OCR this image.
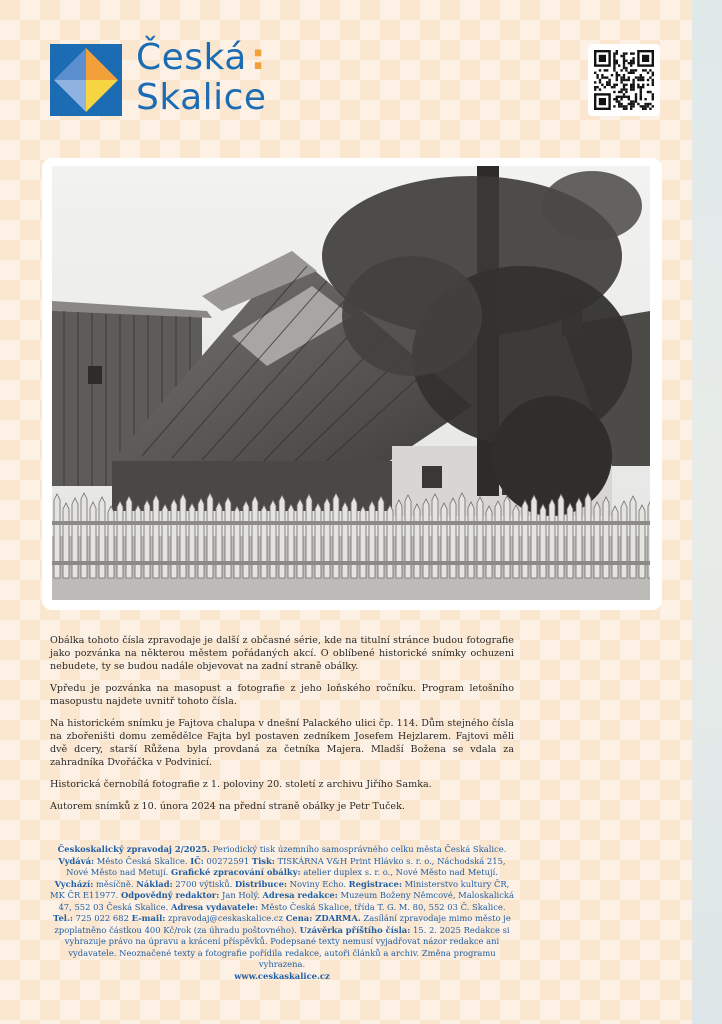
Česká :
Skalice

Obálka tohoto čísla zpravodaje je další z občasné série, kde na titulní stránce budou fotografie jako pozvánka na některou městem pořádaných akcí. O oblíbené historické snímky ochuzeni nebudete, ty se budou nadále objevovat na zadní straně obálky.

Vpředu je pozvánka na masopust a fotografie z jeho loňského ročníku. Program letošního masopustu najdete uvnitř tohoto čísla.

Na historickém snímku je Fajtova chalupa v dnešní Palackého ulici čp. 114. Dům stejného čísla na zbořeništi domu zemědělce Fajta byl postaven zedníkem Josefem Hejzlarem. Fajtovi měli dvě dcery, starší Růžena byla provdaná za četníka Majera. Mladší Božena se vdala za zahradníka Dvořáčka v Podvinicí.

Historická černobílá fotografie z 1. poloviny 20. století z archivu Jiřího Samka.

Autorem snímků z 10. února 2024 na přední straně obálky je Petr Tuček.

Českoskalický zpravodaj 2/2025. Periodický tisk územního samosprávného celku města Česká Skalice. Vydává: Město Česká Skalice. IČ: 00272591 Tisk: TISKÁRNA V&H Print Hlávko s. r. o., Náchodská 215, Nové Město nad Metují. Grafické zpracování obálky: atelier duplex s. r. o., Nové Město nad Metují. Vychází: měsíčně. Náklad: 2700 výtisků. Distribuce: Noviny Echo. Registrace: Ministerstvo kultury ČR, MK ČR E11977. Odpovědný redaktor: Jan Holý. Adresa redakce: Muzeum Boženy Němcové, Maloskalická 47, 552 03 Česká Skalice. Adresa vydavatele: Město Česká Skalice, třída T. G. M. 80, 552 03 Č. Skalice. Tel.: 725 022 682 E-mail: zpravodaj@ceskaskalice.cz Cena: ZDARMA. Zasílání zpravodaje mimo město je zpoplatněno částkou 400 Kč/rok (za úhradu poštovného). Uzávěrka příštího čísla: 15. 2. 2025 Redakce si vyhrazuje právo na úpravu a krácení příspěvků. Podepsané texty nemusí vyjadřovat názor redakce ani vydavatele. Neoznačené texty a fotografie pořídila redakce, autoři článků a archiv. Změna programu vyhrazena.
www.ceskaskalice.cz
